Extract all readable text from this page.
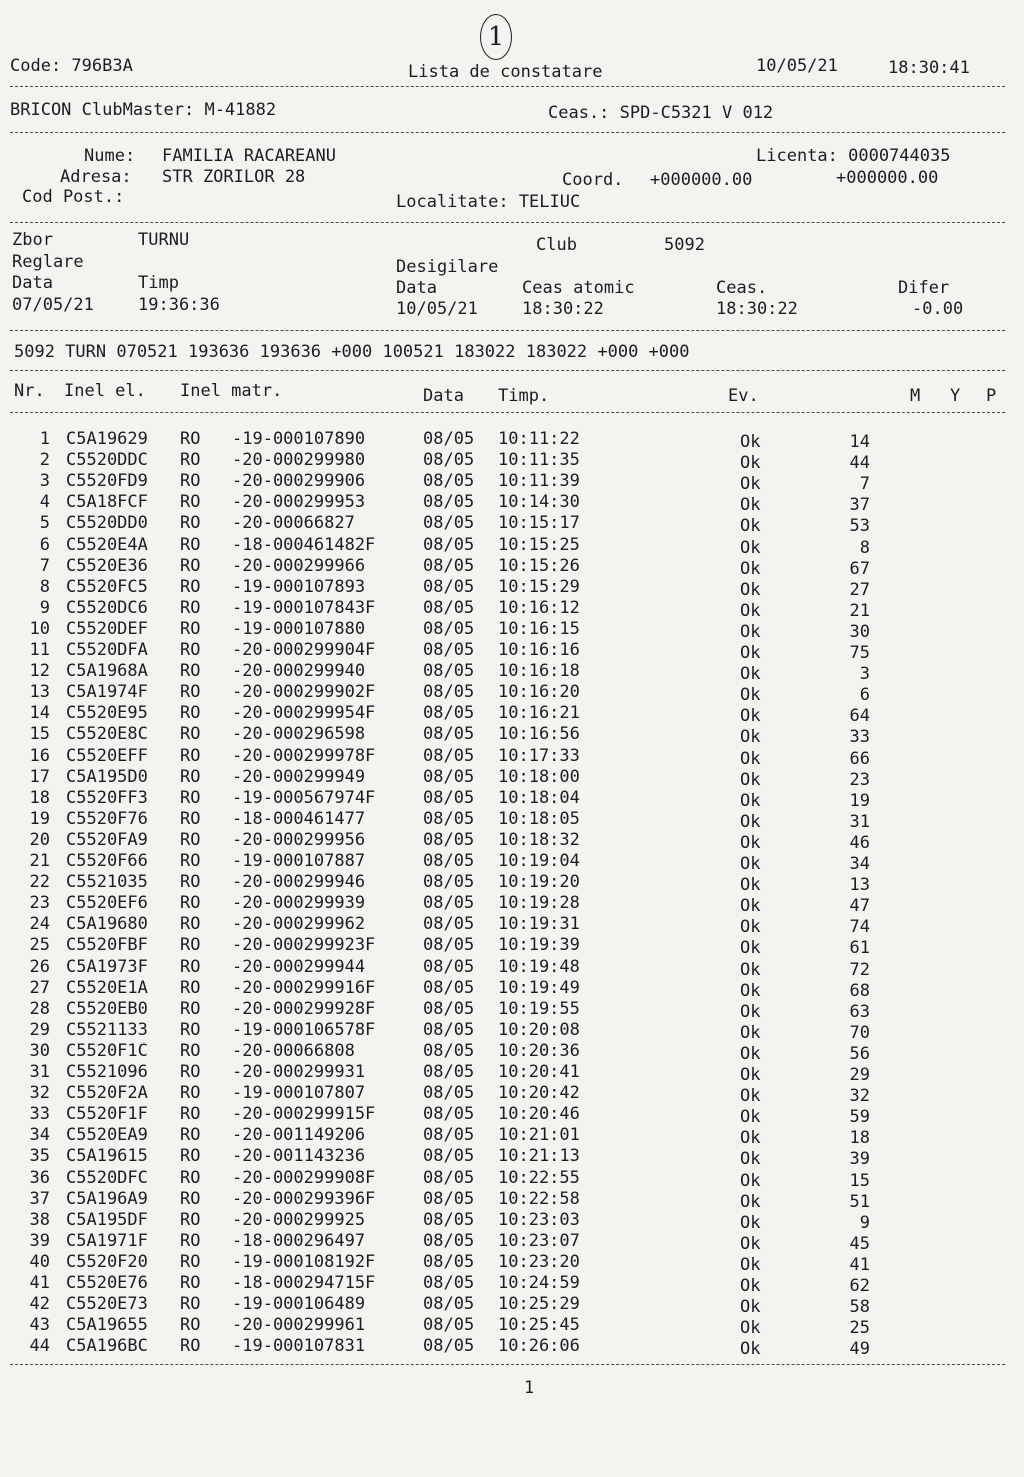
1
Code: 796B3A	Lista de constatare	10/05/21	18:30:41
BRICON ClubMaster: M-41882	Ceas.: SPD-C5321 V 012
Nume: FAMILIA RACAREANU	Licenta: 0000744035
Adresa: STR ZORILOR 28	Coord. +000000.00	+000000.00
Cod Post.:	Localitate: TELIUC
Zbor	TURNU	Club	5092
Reglare	Desigilare
Data	Timp	Data	Ceas atomic	Ceas.	Difer
07/05/21	19:36:36	10/05/21	18:30:22	18:30:22	-0.00
5092 TURN 070521 193636 193636 +000 100521 183022 183022 +000 +000
Nr. Inel el. Inel matr.	Data Timp.	Ev.	M Y P
1 C5A19629 RO -19-000107890	08/05 10:11:22	Ok	14
2 C5520DDC RO -20-000299980	08/05 10:11:35	Ok	44
3 C5520FD9 RO -20-000299906	08/05 10:11:39	Ok	7
4 C5A18FCF RO -20-000299953	08/05 10:14:30	Ok	37
5 C5520DD0 RO -20-00066827	08/05 10:15:17	Ok	53
6 C5520E4A RO -18-000461482F	08/05 10:15:25	Ok	8
7 C5520E36 RO -20-000299966	08/05 10:15:26	Ok	67
8 C5520FC5 RO -19-000107893	08/05 10:15:29	Ok	27
9 C5520DC6 RO -19-000107843F	08/05 10:16:12	Ok	21
10 C5520DEF RO -19-000107880	08/05 10:16:15	Ok	30
11 C5520DFA RO -20-000299904F	08/05 10:16:16	Ok	75
12 C5A1968A RO -20-000299940	08/05 10:16:18	Ok	3
13 C5A1974F RO -20-000299902F	08/05 10:16:20	Ok	6
14 C5520E95 RO -20-000299954F	08/05 10:16:21	Ok	64
15 C5520E8C RO -20-000296598	08/05 10:16:56	Ok	33
16 C5520EFF RO -20-000299978F	08/05 10:17:33	Ok	66
17 C5A195D0 RO -20-000299949	08/05 10:18:00	Ok	23
18 C5520FF3 RO -19-000567974F	08/05 10:18:04	Ok	19
19 C5520F76 RO -18-000461477	08/05 10:18:05	Ok	31
20 C5520FA9 RO -20-000299956	08/05 10:18:32	Ok	46
21 C5520F66 RO -19-000107887	08/05 10:19:04	Ok	34
22 C5521035 RO -20-000299946	08/05 10:19:20	Ok	13
23 C5520EF6 RO -20-000299939	08/05 10:19:28	Ok	47
24 C5A19680 RO -20-000299962	08/05 10:19:31	Ok	74
25 C5520FBF RO -20-000299923F	08/05 10:19:39	Ok	61
26 C5A1973F RO -20-000299944	08/05 10:19:48	Ok	72
27 C5520E1A RO -20-000299916F	08/05 10:19:49	Ok	68
28 C5520EB0 RO -20-000299928F	08/05 10:19:55	Ok	63
29 C5521133 RO -19-000106578F	08/05 10:20:08	Ok	70
30 C5520F1C RO -20-00066808	08/05 10:20:36	Ok	56
31 C5521096 RO -20-000299931	08/05 10:20:41	Ok	29
32 C5520F2A RO -19-000107807	08/05 10:20:42	Ok	32
33 C5520F1F RO -20-000299915F	08/05 10:20:46	Ok	59
34 C5520EA9 RO -20-001149206	08/05 10:21:01	Ok	18
35 C5A19615 RO -20-001143236	08/05 10:21:13	Ok	39
36 C5520DFC RO -20-000299908F	08/05 10:22:55	Ok	15
37 C5A196A9 RO -20-000299396F	08/05 10:22:58	Ok	51
38 C5A195DF RO -20-000299925	08/05 10:23:03	Ok	9
39 C5A1971F RO -18-000296497	08/05 10:23:07	Ok	45
40 C5520F20 RO -19-000108192F	08/05 10:23:20	Ok	41
41 C5520E76 RO -18-000294715F	08/05 10:24:59	Ok	62
42 C5520E73 RO -19-000106489	08/05 10:25:29	Ok	58
43 C5A19655 RO -20-000299961	08/05 10:25:45	Ok	25
44 C5A196BC RO -19-000107831	08/05 10:26:06	Ok	49
1
